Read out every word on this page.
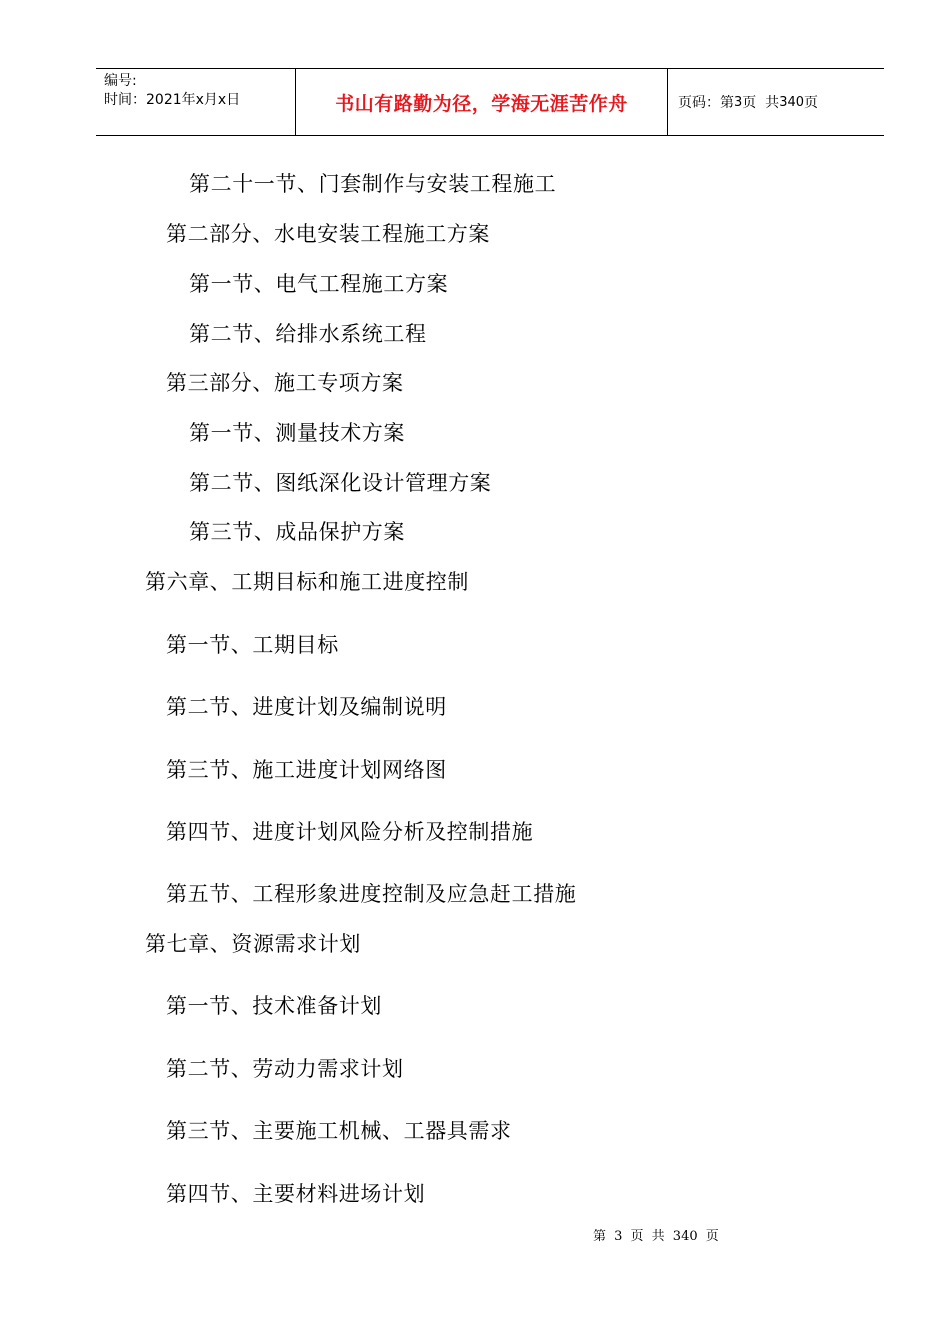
编号:
时间：2021年x月x日	书山有路勤为径，学海无涯苦作舟	页码：第 3 页  共 340 页
第二十一节、门套制作与安装工程施工
第二部分、水电安装工程施工方案
第一节、电气工程施工方案
第二节、给排水系统工程
第三部分、施工专项方案
第一节、测量技术方案
第二节、图纸深化设计管理方案
第三节、成品保护方案
第六章、工期目标和施工进度控制
第一节、工期目标
第二节、进度计划及编制说明
第三节、施工进度计划网络图
第四节、进度计划风险分析及控制措施
第五节、工程形象进度控制及应急赶工措施
第七章、资源需求计划
第一节、技术准备计划
第二节、劳动力需求计划
第三节、主要施工机械、工器具需求
第四节、主要材料进场计划
第 3 页 共 340 页
